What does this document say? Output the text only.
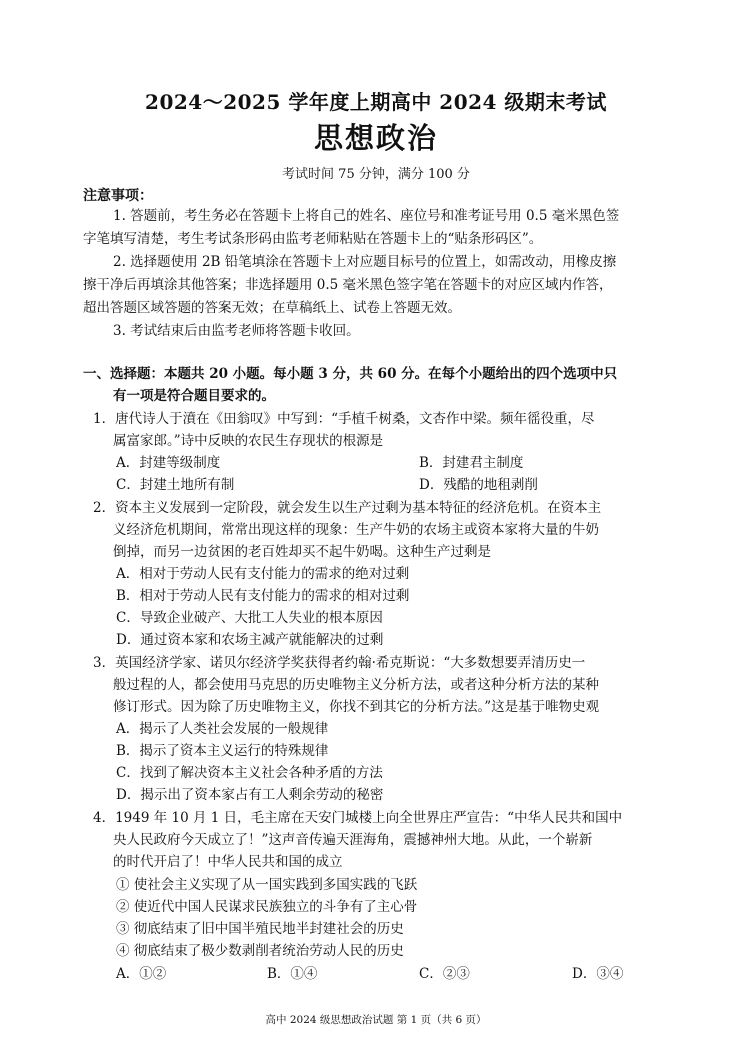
2024～2025 学年度上期高中 2024 级期末考试
思想政治
考试时间 75 分钟，满分 100 分
注意事项：
1. 答题前，考生务必在答题卡上将自己的姓名、座位号和准考证号用 0.5 毫米黑色签
字笔填写清楚，考生考试条形码由监考老师粘贴在答题卡上的“贴条形码区”。
2. 选择题使用 2B 铅笔填涂在答题卡上对应题目标号的位置上，如需改动，用橡皮擦
擦干净后再填涂其他答案；非选择题用 0.5 毫米黑色签字笔在答题卡的对应区域内作答，
超出答题区域答题的答案无效；在草稿纸上、试卷上答题无效。
3. 考试结束后由监考老师将答题卡收回。
一、选择题：本题共 20 小题。每小题 3 分，共 60 分。在每个小题给出的四个选项中只
有一项是符合题目要求的。
1．唐代诗人于濆在《田翁叹》中写到：“手植千树桑，文杏作中梁。频年徭役重，尽
属富家郎。”诗中反映的农民生存现状的根源是
A．封建等级制度	B．封建君主制度
C．封建土地所有制	D．残酷的地租剥削
2．资本主义发展到一定阶段，就会发生以生产过剩为基本特征的经济危机。在资本主
义经济危机期间，常常出现这样的现象：生产牛奶的农场主或资本家将大量的牛奶
倒掉，而另一边贫困的老百姓却买不起牛奶喝。这种生产过剩是
A．相对于劳动人民有支付能力的需求的绝对过剩
B．相对于劳动人民有支付能力的需求的相对过剩
C．导致企业破产、大批工人失业的根本原因
D．通过资本家和农场主减产就能解决的过剩
3．英国经济学家、诺贝尔经济学奖获得者约翰·希克斯说：“大多数想要弄清历史一
般过程的人，都会使用马克思的历史唯物主义分析方法，或者这种分析方法的某种
修订形式。因为除了历史唯物主义，你找不到其它的分析方法。”这是基于唯物史观
A．揭示了人类社会发展的一般规律
B．揭示了资本主义运行的特殊规律
C．找到了解决资本主义社会各种矛盾的方法
D．揭示出了资本家占有工人剩余劳动的秘密
4．1949 年 10 月 1 日，毛主席在天安门城楼上向全世界庄严宣告：“中华人民共和国中
央人民政府今天成立了！”这声音传遍天涯海角，震撼神州大地。从此，一个崭新
的时代开启了！中华人民共和国的成立
① 使社会主义实现了从一国实践到多国实践的飞跃
② 使近代中国人民谋求民族独立的斗争有了主心骨
③ 彻底结束了旧中国半殖民地半封建社会的历史
④ 彻底结束了极少数剥削者统治劳动人民的历史
A．①②	B．①④	C．②③	D．③④
高中 2024 级思想政治试题 第 1 页（共 6 页）
